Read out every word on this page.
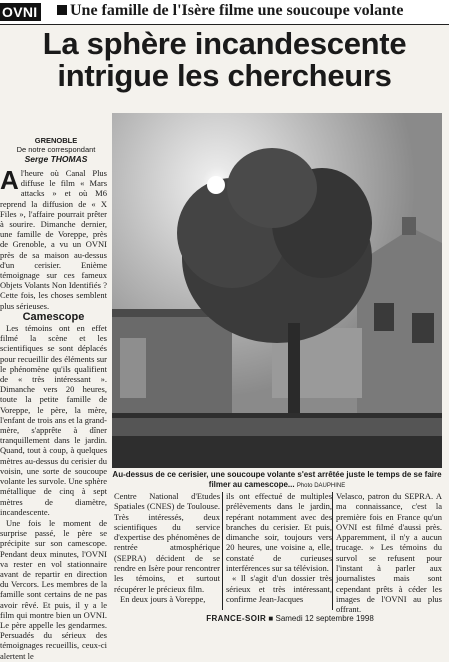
OVNI Une famille de l'Isère filme une soucoupe volante
La sphère incandescente
intrigue les chercheurs
GRENOBLE
De notre correspondant
Serge THOMAS

Al'heure où Canal Plus diffuse le film « Mars attacks » et où M6 reprend la diffusion de « X Files », l'affaire pourrait prêter à sourire. Dimanche dernier, une famille de Voreppe, près de Grenoble, a vu un OVNI près de sa maison au-dessus d'un cerisier. Enième témoignage sur ces fameux Objets Volants Non Identifiés ? Cette fois, les choses semblent plus sérieuses.

Camescope

Les témoins ont en effet filmé la scène et les scientifiques se sont déplacés pour recueillir des éléments sur le phénomène qu'ils qualifient de « très intéressant ». Dimanche vers 20 heures, toute la petite famille de Voreppe, le père, la mère, l'enfant de trois ans et la grand-mère, s'apprête à dîner tranquillement dans le jardin. Quand, tout à coup, à quelques mètres au-dessus du cerisier du voisin, une sorte de soucoupe volante les survole. Une sphère métallique de cinq à sept mètres de diamètre, incandescente.

Une fois le moment de surprise passé, le père se précipite sur son camescope. Pendant deux minutes, l'OVNI va rester en vol stationnaire avant de repartir en direction du Vercors. Les membres de la famille sont certains de ne pas avoir rêvé. Et puis, il y a le film qui montre bien un OVNI. Le père appelle les gendarmes. Persuadés du sérieux des témoignages recueillis, ceux-ci alertent le

Au-dessus de ce cerisier, une soucoupe volante s'est arrêtée juste le temps de se faire filmer au camescope... Photo DAUPHINE

Centre National d'Etudes Spatiales (CNES) de Toulouse. Très intéressés, deux scientifiques du service d'expertise des phénomènes de rentrée atmosphérique (SEPRA) décident de se rendre en Isère pour rencontrer les témoins, et surtout récupérer le précieux film.

En deux jours à Voreppe,

ils ont effectué de multiples prélèvements dans le jardin, repérant notamment avec des branches du cerisier. Et puis, dimanche soir, toujours vers 20 heures, une voisine a, elle, constaté de curieuses interférences sur sa télévision.

« Il s'agit d'un dossier très sérieux et très intéressant, confirme Jean-Jacques

Velasco, patron du SEPRA. A ma connaissance, c'est la première fois en France qu'un OVNI est filmé d'aussi près. Apparemment, il n'y a aucun trucage. » Les témoins du survol se refusent pour l'instant à parler aux journalistes mais sont cependant prêts à céder les images de l'OVNI au plus offrant.

FRANCE-SOIR ■ Samedi 12 septembre 1998
